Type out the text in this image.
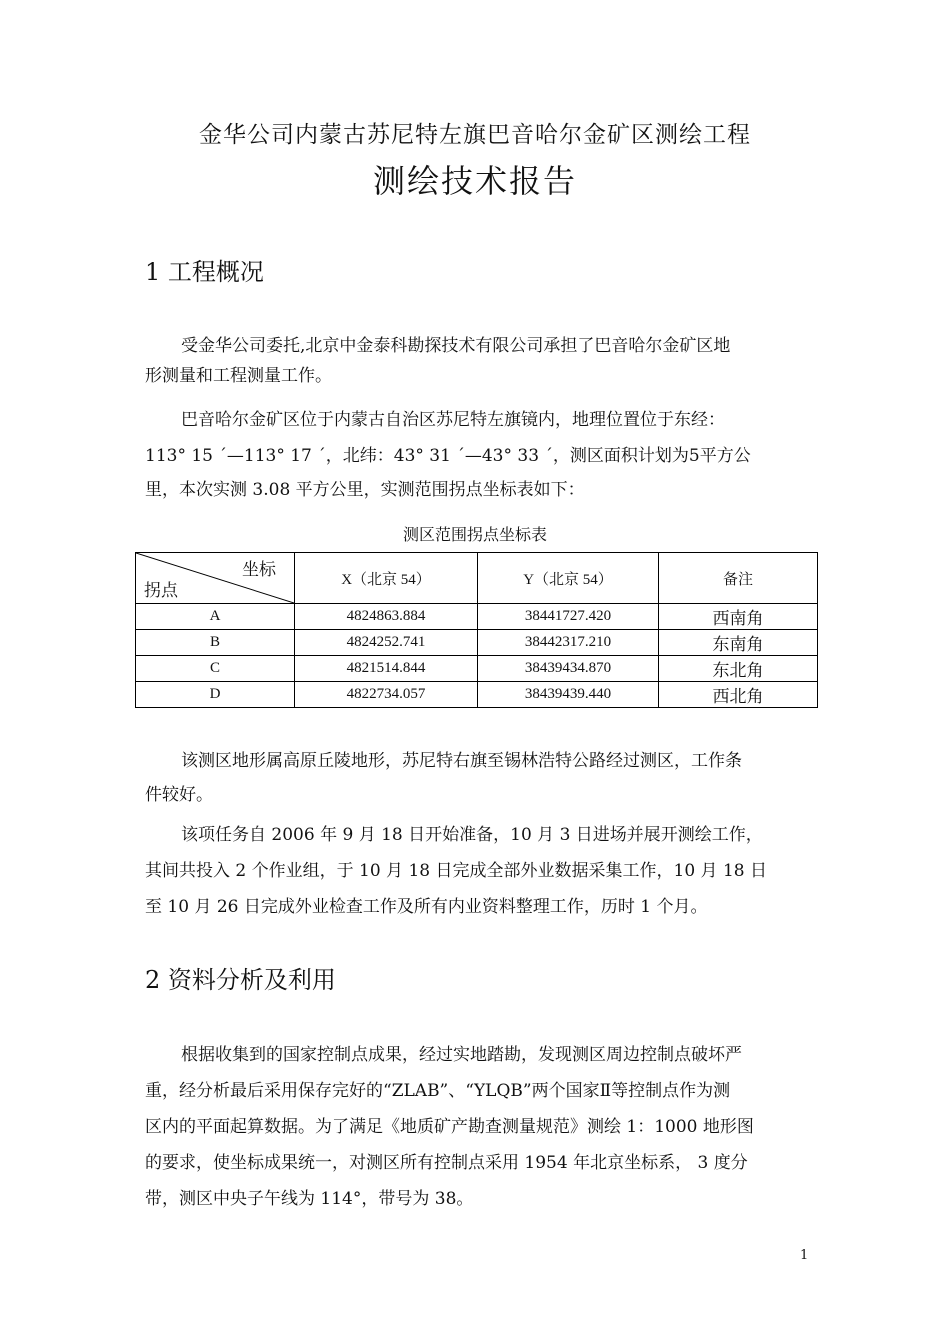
金华公司内蒙古苏尼特左旗巴音哈尔金矿区测绘工程
测绘技术报告
1 工程概况
受金华公司委托,北京中金泰科勘探技术有限公司承担了巴音哈尔金矿区地
形测量和工程测量工作。
巴音哈尔金矿区位于内蒙古自治区苏尼特左旗镜内，地理位置位于东经：
113° 15 ´—113° 17 ´，北纬：43° 31 ´—43° 33 ´，测区面积计划为5平方公
里，本次实测 3.08 平方公里，实测范围拐点坐标表如下：
测区范围拐点坐标表
坐标
拐点	X（北京 54）	Y（北京 54）	备注
A	4824863.884	38441727.420	西南角
B	4824252.741	38442317.210	东南角
C	4821514.844	38439434.870	东北角
D	4822734.057	38439439.440	西北角
该测区地形属高原丘陵地形，苏尼特右旗至锡林浩特公路经过测区，工作条
件较好。
该项任务自 2006 年 9 月 18 日开始准备，10 月 3 日进场并展开测绘工作，
其间共投入 2 个作业组，于 10 月 18 日完成全部外业数据采集工作，10 月 18 日
至 10 月 26 日完成外业检查工作及所有内业资料整理工作，历时 1 个月。
2 资料分析及利用
根据收集到的国家控制点成果，经过实地踏勘，发现测区周边控制点破坏严
重，经分析最后采用保存完好的“ZLAB”、“YLQB”两个国家Ⅱ等控制点作为测
区内的平面起算数据。为了满足《地质矿产勘查测量规范》测绘 1：1000 地形图
的要求，使坐标成果统一，对测区所有控制点采用 1954 年北京坐标系， 3 度分
带，测区中央子午线为 114°，带号为 38。
1
